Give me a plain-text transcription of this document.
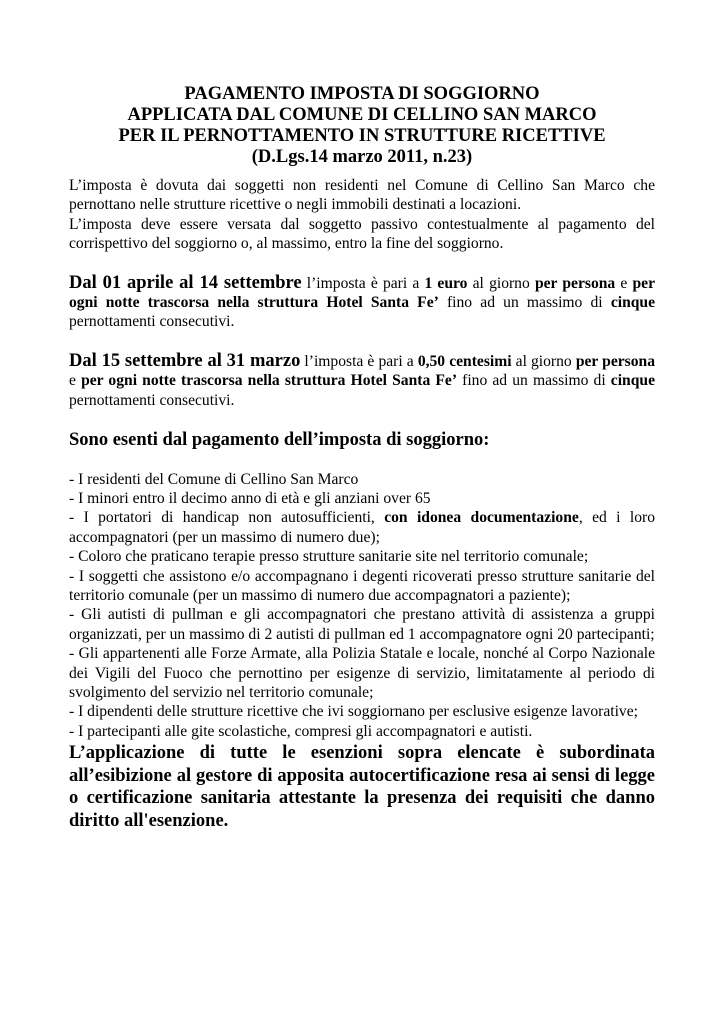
PAGAMENTO IMPOSTA DI SOGGIORNO

APPLICATA DAL COMUNE DI CELLINO SAN MARCO

PER IL PERNOTTAMENTO IN STRUTTURE RICETTIVE

(D.Lgs.14 marzo 2011, n.23)

L’imposta è dovuta dai soggetti non residenti nel Comune di Cellino San Marco che pernottano nelle strutture ricettive o negli immobili destinati a locazioni.

L’imposta deve essere versata dal soggetto passivo contestualmente al pagamento del corrispettivo del soggiorno o, al massimo, entro la fine del soggiorno.

Dal 01 aprile al 14 settembre l’imposta è pari a 1 euro al giorno per persona e per ogni notte trascorsa nella struttura Hotel Santa Fe’ fino ad un massimo di cinque pernottamenti consecutivi.

Dal 15 settembre al 31 marzo l’imposta è pari a 0,50 centesimi al giorno per persona e per ogni notte trascorsa nella struttura Hotel Santa Fe’ fino ad un massimo di cinque pernottamenti consecutivi.

Sono esenti dal pagamento dell’imposta di soggiorno:

- I residenti del Comune di Cellino San Marco
- I minori entro il decimo anno di età e gli anziani over 65
- I portatori di handicap non autosufficienti, con idonea documentazione, ed i loro accompagnatori (per un massimo di numero due);
- Coloro che praticano terapie presso strutture sanitarie site nel territorio comunale;
- I soggetti che assistono e/o accompagnano i degenti ricoverati presso strutture sanitarie del territorio comunale (per un massimo di numero due accompagnatori a paziente);
- Gli autisti di pullman e gli accompagnatori che prestano attività di assistenza a gruppi organizzati, per un massimo di 2 autisti di pullman ed 1 accompagnatore ogni 20 partecipanti;
- Gli appartenenti alle Forze Armate, alla Polizia Statale e locale, nonché al Corpo Nazionale dei Vigili del Fuoco che pernottino per esigenze di servizio, limitatamente al periodo di svolgimento del servizio nel territorio comunale;
- I dipendenti delle strutture ricettive che ivi soggiornano per esclusive esigenze lavorative;
- I partecipanti alle gite scolastiche, compresi gli accompagnatori e autisti.

L’applicazione di tutte le esenzioni sopra elencate è subordinata all’esibizione al gestore di apposita autocertificazione resa ai sensi di legge o certificazione sanitaria attestante la presenza dei requisiti che danno diritto all'esenzione.
